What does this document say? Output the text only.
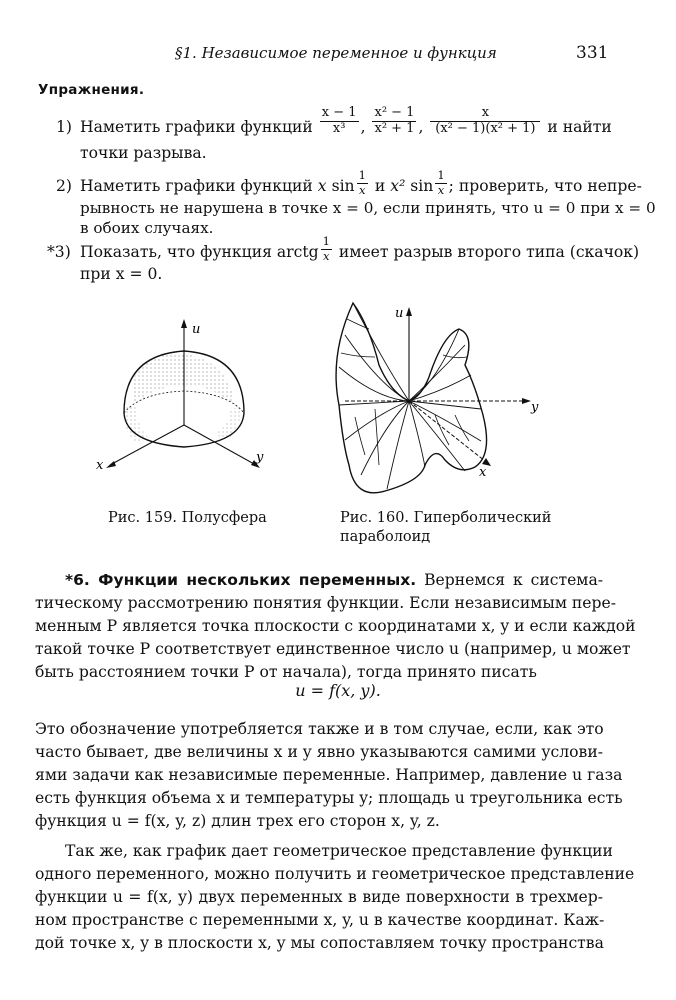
§1. Независимое переменное и функция	331
Упражнения.
1) Наметить графики функций $\frac{x - 1}{\text{x³}}$ , $\frac{\text{x² − 1}}{\text{x² + 1}}$ , $\frac{x}{\text{(x² − 1)(x² + 1)}}$ и найти
точки разрыва.
2) Наметить графики функций x $\sin \frac{1}{x}$ и x² $\sin \frac{1}{x}$ ; проверить, что непре-
рывность не нарушена в точке x = 0, если принять, что u = 0 при x = 0
в обоих случаях.
*3) Показать, что функция arctg $\frac{1}{x}$ имеет разрыв второго типа (скачок)
при x = 0.
u
x
y
u
y
x
Рис. 159. Полусфера	Рис. 160. Гиперболический
параболоид
*6. Функции нескольких переменных. Вернемся к система-
тическому рассмотрению понятия функции. Если независимым пере-
менным P является точка плоскости с координатами x, y и если каждой
такой точке P соответствует единственное число u (например, u может
быть расстоянием точки P от начала), тогда принято писать
u = f(x, y).
Это обозначение употребляется также и в том случае, если, как это
часто бывает, две величины x и y явно указываются самими услови-
ями задачи как независимые переменные. Например, давление u газа
есть функция объема x и температуры y; площадь u треугольника есть
функция u = f(x, y, z) длин трех его сторон x, y, z.
Так же, как график дает геометрическое представление функции
одного переменного, можно получить и геометрическое представление
функции u = f(x, y) двух переменных в виде поверхности в трехмер-
ном пространстве с переменными x, y, u в качестве координат. Каж-
дой точке x, y в плоскости x, y мы сопоставляем точку пространства
